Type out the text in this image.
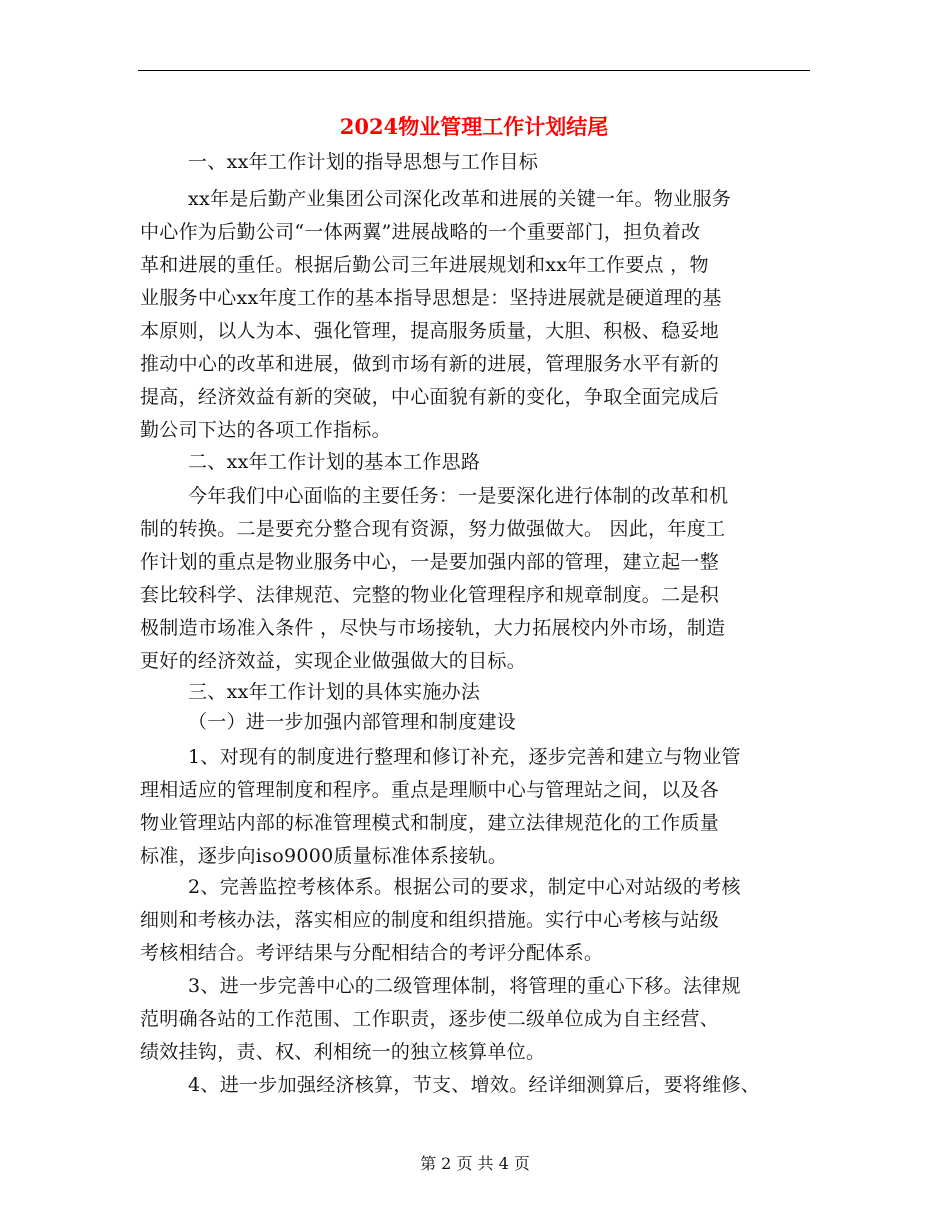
2024物业管理工作计划结尾
一、xx年工作计划的指导思想与工作目标
xx年是后勤产业集团公司深化改革和进展的关键一年。物业服务
中心作为后勤公司“一体两翼”进展战略的一个重要部门，担负着改
革和进展的重任。根据后勤公司三年进展规划和xx年工作要点 ，物
业服务中心xx年度工作的基本指导思想是：坚持进展就是硬道理的基
本原则，以人为本、强化管理，提高服务质量，大胆、积极、稳妥地
推动中心的改革和进展，做到市场有新的进展，管理服务水平有新的
提高，经济效益有新的突破，中心面貌有新的变化，争取全面完成后
勤公司下达的各项工作指标。
二、xx年工作计划的基本工作思路
今年我们中心面临的主要任务：一是要深化进行体制的改革和机
制的转换。二是要充分整合现有资源，努力做强做大。 因此，年度工
作计划的重点是物业服务中心，一是要加强内部的管理，建立起一整
套比较科学、法律规范、完整的物业化管理程序和规章制度。二是积
极制造市场准入条件 ，尽快与市场接轨，大力拓展校内外市场，制造
更好的经济效益，实现企业做强做大的目标。
三、xx年工作计划的具体实施办法
（一）进一步加强内部管理和制度建设
1、对现有的制度进行整理和修订补充，逐步完善和建立与物业管
理相适应的管理制度和程序。重点是理顺中心与管理站之间，以及各
物业管理站内部的标准管理模式和制度，建立法律规范化的工作质量
标准，逐步向iso9000质量标准体系接轨。
2、完善监控考核体系。根据公司的要求，制定中心对站级的考核
细则和考核办法，落实相应的制度和组织措施。实行中心考核与站级
考核相结合。考评结果与分配相结合的考评分配体系。
3、进一步完善中心的二级管理体制，将管理的重心下移。法律规
范明确各站的工作范围、工作职责，逐步使二级单位成为自主经营、
绩效挂钩，责、权、利相统一的独立核算单位。
4、进一步加强经济核算，节支、增效。经详细测算后，要将维修、
第 2 页 共 4 页
